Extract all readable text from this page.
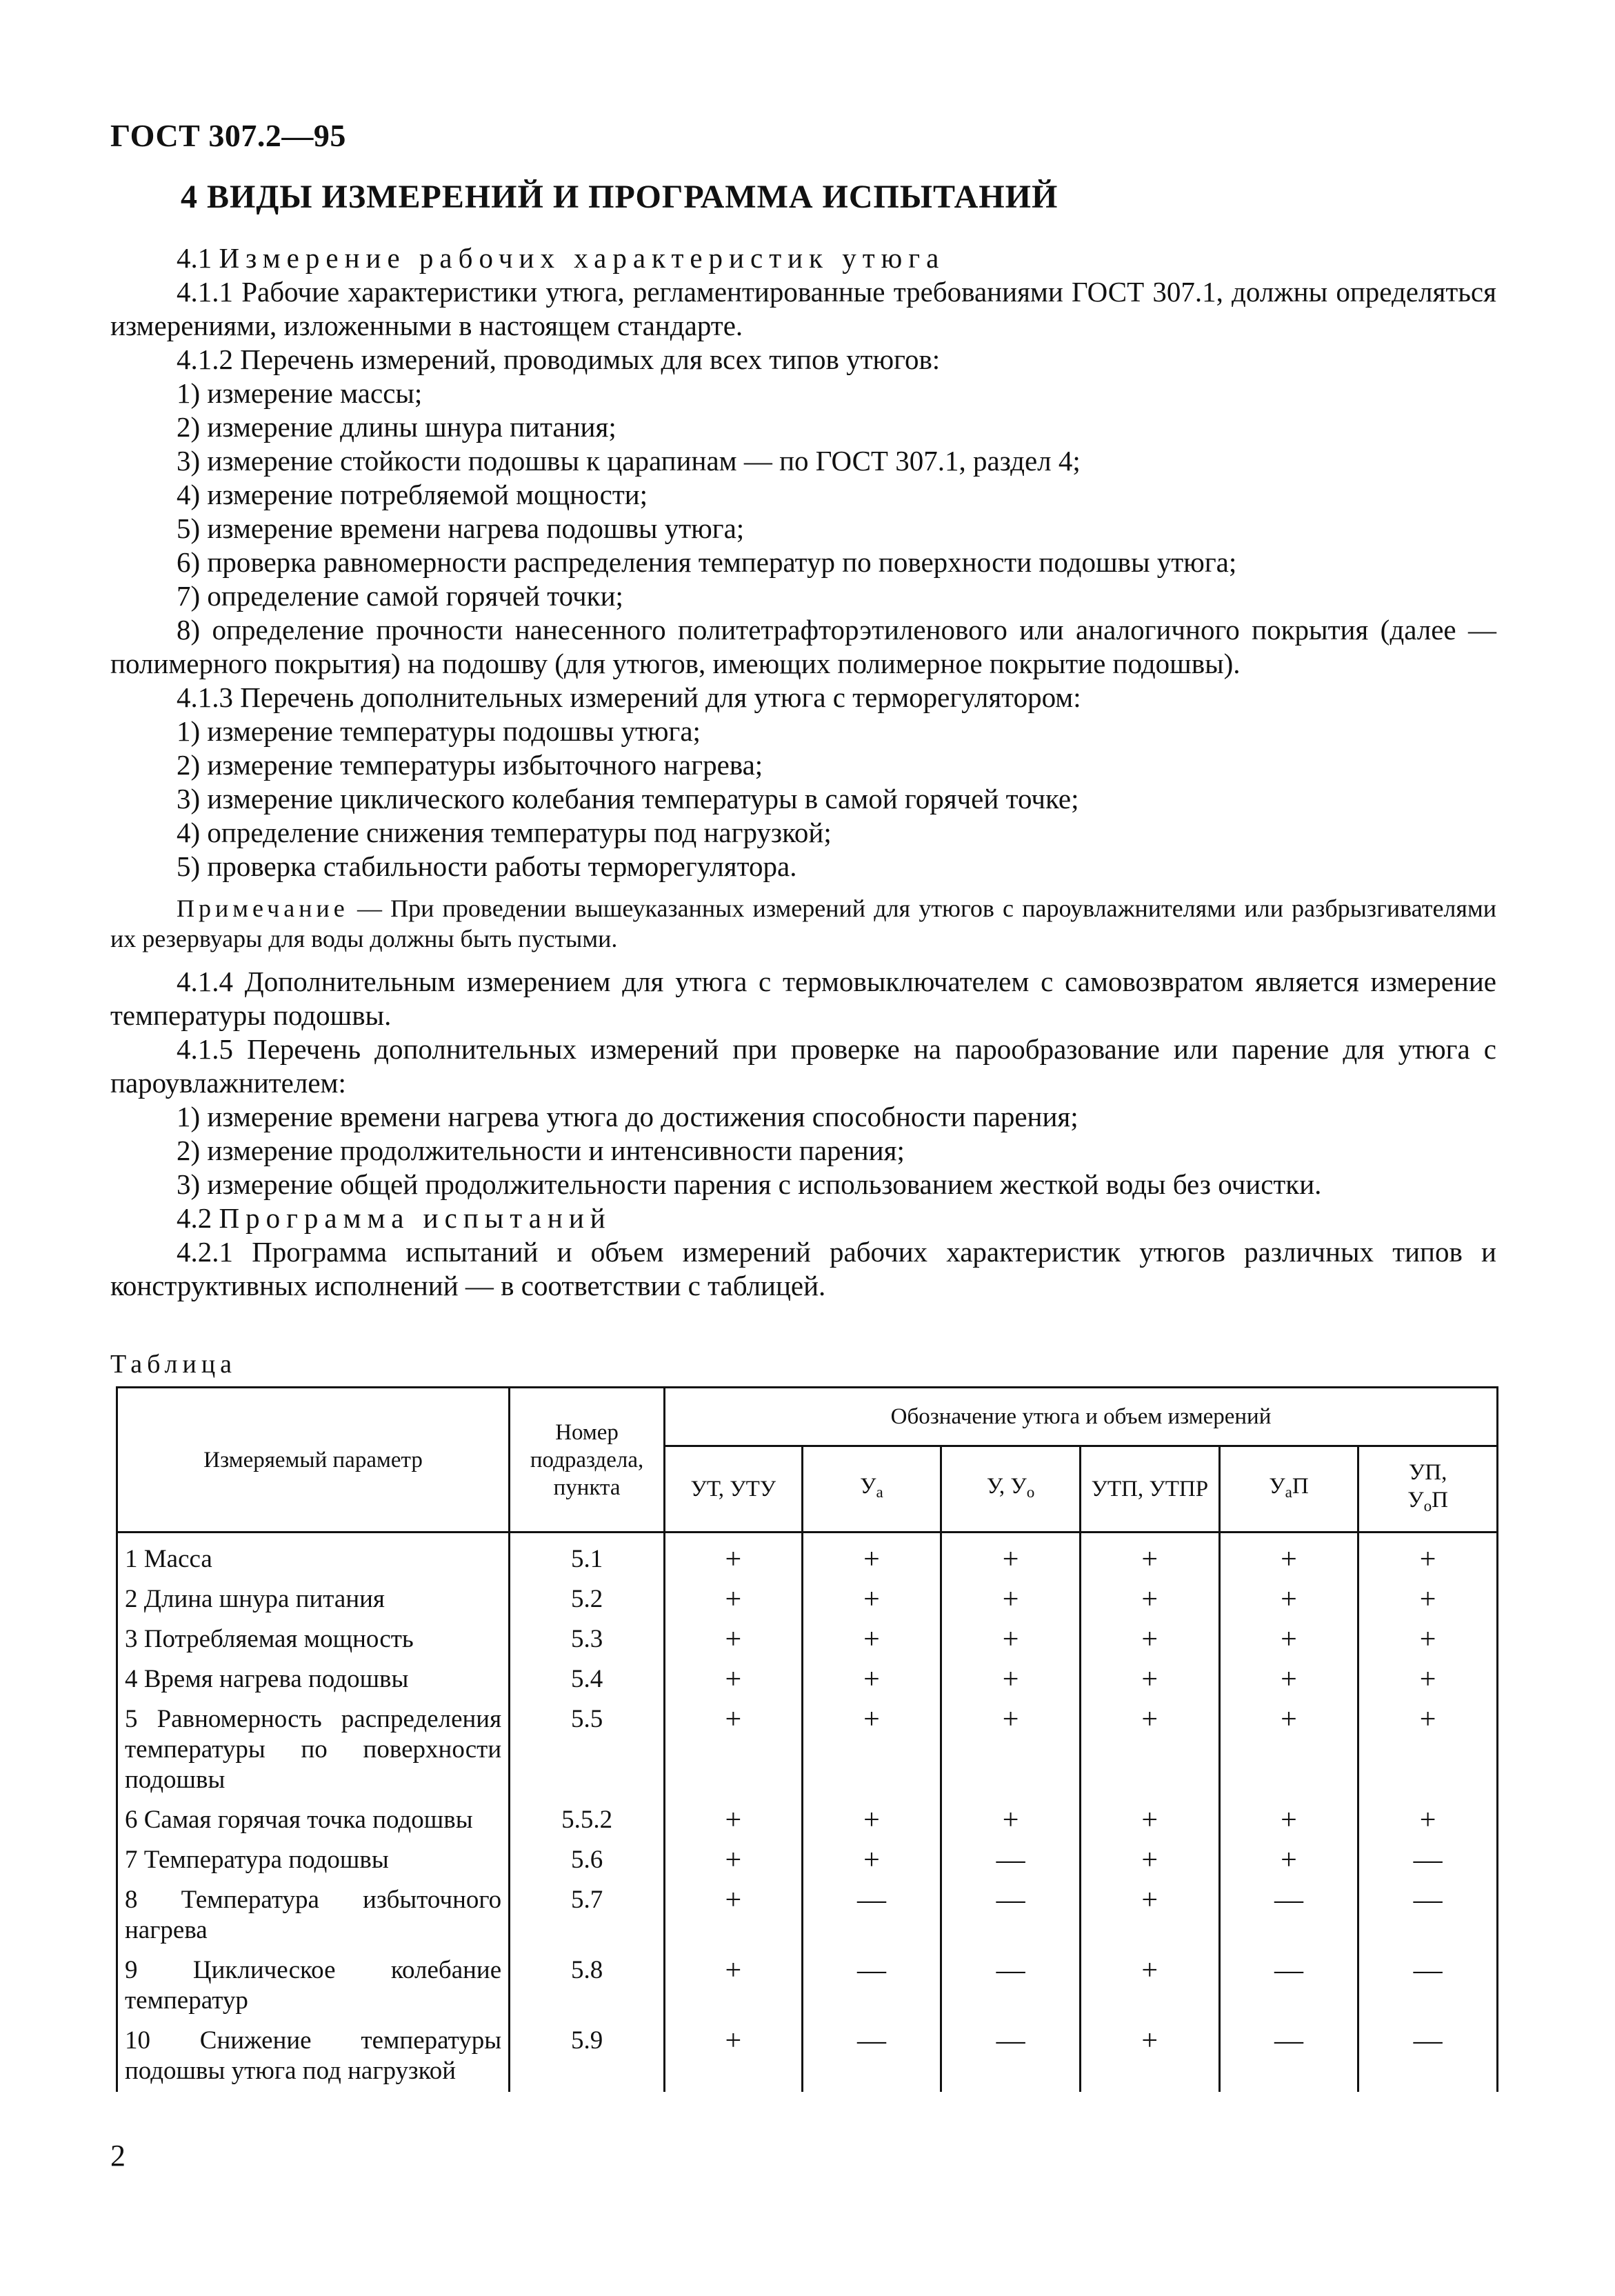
ГОСТ 307.2—95
4 ВИДЫ ИЗМЕРЕНИЙ И ПРОГРАММА ИСПЫТАНИЙ

4.1 Измерение рабочих характеристик утюга

4.1.1 Рабочие характеристики утюга, регламентированные требованиями ГОСТ 307.1, должны определяться измерениями, изложенными в настоящем стандарте.

4.1.2 Перечень измерений, проводимых для всех типов утюгов:

1) измерение массы;
2) измерение длины шнура питания;
3) измерение стойкости подошвы к царапинам — по ГОСТ 307.1, раздел 4;
4) измерение потребляемой мощности;
5) измерение времени нагрева подошвы утюга;
6) проверка равномерности распределения температур по поверхности подошвы утюга;
7) определение самой горячей точки;

8) определение прочности нанесенного политетрафторэтиленового или аналогичного покрытия (далее — полимерного покрытия) на подошву (для утюгов, имеющих полимерное покрытие подошвы).

4.1.3 Перечень дополнительных измерений для утюга с терморегулятором:

1) измерение температуры подошвы утюга;
2) измерение температуры избыточного нагрева;
3) измерение циклического колебания температуры в самой горячей точке;
4) определение снижения температуры под нагрузкой;
5) проверка стабильности работы терморегулятора.

Примечание — При проведении вышеуказанных измерений для утюгов с пароувлажнителями или разбрызгивателями их резервуары для воды должны быть пустыми.

4.1.4 Дополнительным измерением для утюга с термовыключателем с самовозвратом является измерение температуры подошвы.

4.1.5 Перечень дополнительных измерений при проверке на парообразование или парение для утюга с пароувлажнителем:

1) измерение времени нагрева утюга до достижения способности парения;
2) измерение продолжительности и интенсивности парения;
3) измерение общей продолжительности парения с использованием жесткой воды без очистки.

4.2 Программа испытаний

4.2.1 Программа испытаний и объем измерений рабочих характеристик утюгов различных типов и конструктивных исполнений — в соответствии с таблицей.

Таблица
Измеряемый параметр	Номер подраздела, пункта	Обозначение утюга и объем измерений					
		УТ, УТУ	$У_а$	У, $У_о$	УТП, УТПР	$У_аП$	УП,
$У_оП$
1 Масса	5.1	+	+	+	+	+	+
2 Длина шнура питания	5.2	+	+	+	+	+	+
3 Потребляемая мощность	5.3	+	+	+	+	+	+
4 Время нагрева подошвы	5.4	+	+	+	+	+	+
5 Равномерность распределения температуры по поверхности подошвы	5.5	+	+	+	+	+	+
6 Самая горячая точка подошвы	5.5.2	+	+	+	+	+	+
7 Температура подошвы	5.6	+	+	—	+	+	—
8 Температура избыточного нагрева	5.7	+	—	—	+	—	—
9 Циклическое колебание температур	5.8	+	—	—	+	—	—
10 Снижение температуры подошвы утюга под нагрузкой	5.9	+	—	—	+	—	—
2
